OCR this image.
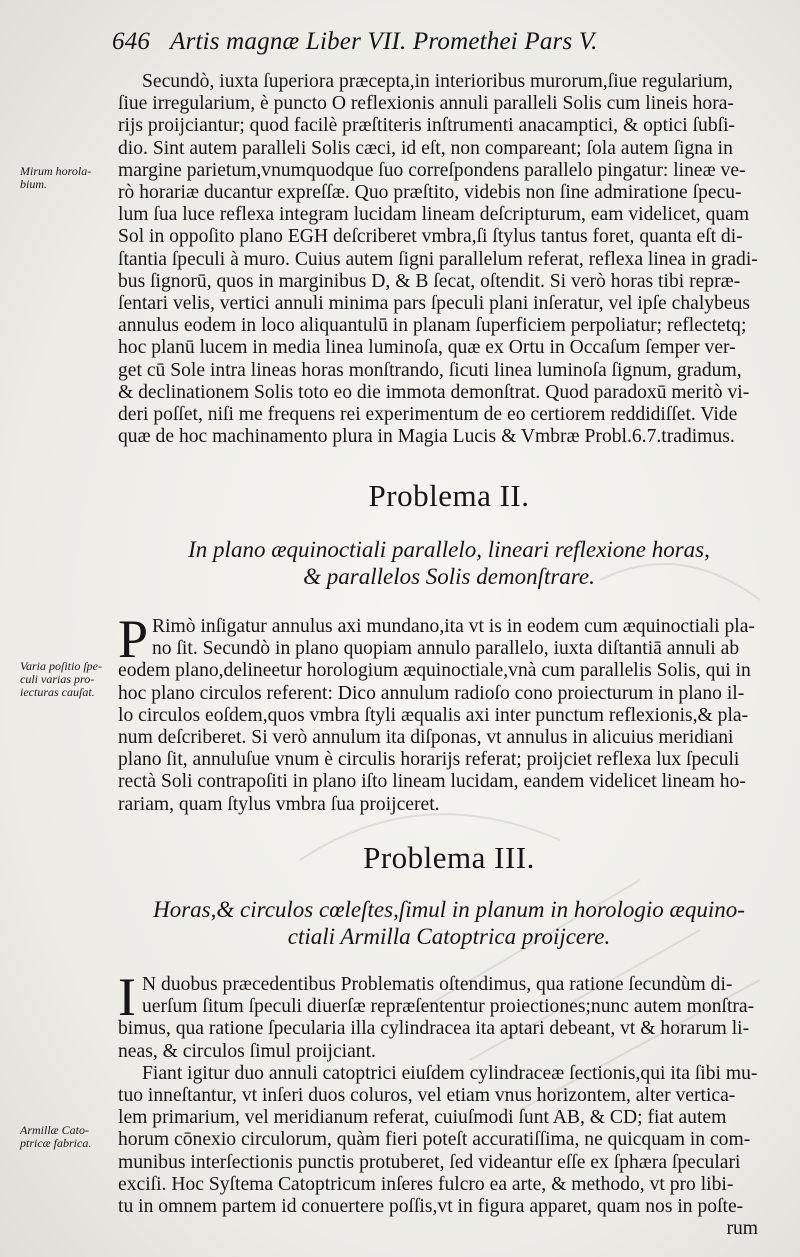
646 Artis magnæ Liber VII. Promethei Pars V.
Secundò, iuxta ſuperiora præcepta,in interioribus murorum,ſiue regularium,
ſiue irregularium, è puncto O reflexionis annuli paralleli Solis cum lineis hora-
rijs proijciantur; quod facilè præſtiteris inſtrumenti anacamptici, & optici ſubſi-
dio. Sint autem paralleli Solis cæci, id eſt, non compareant; ſola autem ſigna in
margine parietum,vnumquodque ſuo correſpondens parallelo pingatur: lineæ ve-
rò horariæ ducantur expreſſæ. Quo præſtito, videbis non ſine admiratione ſpecu-
lum ſua luce reflexa integram lucidam lineam deſcripturum, eam videlicet, quam
Sol in oppoſito plano EGH deſcriberet vmbra,ſi ſtylus tantus foret, quanta eſt di-
ſtantia ſpeculi à muro. Cuius autem ſigni parallelum referat, reflexa linea in gradi-
bus ſignorū, quos in marginibus D, & B ſecat, oſtendit. Si verò horas tibi repræ-
ſentari velis, vertici annuli minima pars ſpeculi plani inſeratur, vel ipſe chalybeus
annulus eodem in loco aliquantulū in planam ſuperficiem perpoliatur; reflectetq;
hoc planū lucem in media linea luminoſa, quæ ex Ortu in Occaſum ſemper ver-
get cū Sole intra lineas horas monſtrando, ſicuti linea luminoſa ſignum, gradum,
& declinationem Solis toto eo die immota demonſtrat. Quod paradoxū meritò vi-
deri poſſet, niſi me frequens rei experimentum de eo certiorem reddidiſſet. Vide
quæ de hoc machinamento plura in Magia Lucis & Vmbræ Probl.6.7.tradimus.
Mirum horola-
bium.
Problema II.
In plano æquinoctiali parallelo, lineari reflexione horas,
& parallelos Solis demonſtrare.
P Rimò inſigatur annulus axi mundano,ita vt is in eodem cum æquinoctiali pla-
no ſit. Secundò in plano quopiam annulo parallelo, iuxta diſtantiā annuli ab
eodem plano,delineetur horologium æquinoctiale,vnà cum parallelis Solis, qui in
hoc plano circulos referent: Dico annulum radioſo cono proiecturum in plano il-
lo circulos eoſdem,quos vmbra ſtyli æqualis axi inter punctum reflexionis,& pla-
num deſcriberet. Si verò annulum ita diſponas, vt annulus in alicuius meridiani
plano ſit, annuluſue vnum è circulis horarijs referat; proijciet reflexa lux ſpeculi
rectà Soli contrapoſiti in plano iſto lineam lucidam, eandem videlicet lineam ho-
rariam, quam ſtylus vmbra ſua proijceret.
Varia poſitio ſpe-
culi varias pro-
iecturas cauſat.
Problema III.
Horas,& circulos cœleſtes,ſimul in planum in horologio æquino-
ctiali Armilla Catoptrica proijcere.
I N duobus præcedentibus Problematis oſtendimus, qua ratione ſecundùm di-
uerſum ſitum ſpeculi diuerſæ repræſententur proiectiones;nunc autem monſtra-
bimus, qua ratione ſpecularia illa cylindracea ita aptari debeant, vt & horarum li-
neas, & circulos ſimul proijciant.
Fiant igitur duo annuli catoptrici eiuſdem cylindraceæ ſectionis,qui ita ſibi mu-
tuo inneſtantur, vt inſeri duos coluros, vel etiam vnus horizontem, alter vertica-
lem primarium, vel meridianum referat, cuiuſmodi ſunt AB, & CD; fiat autem
horum cōnexio circulorum, quàm fieri poteſt accuratiſſima, ne quicquam in com-
munibus interſectionis punctis protuberet, ſed videantur eſſe ex ſphæra ſpeculari
exciſi. Hoc Syſtema Catoptricum inſeres fulcro ea arte, & methodo, vt pro libi-
tu in omnem partem id conuertere poſſis,vt in figura apparet, quam nos in poſte-
rum
Armillæ Cato-
ptricæ fabrica.
